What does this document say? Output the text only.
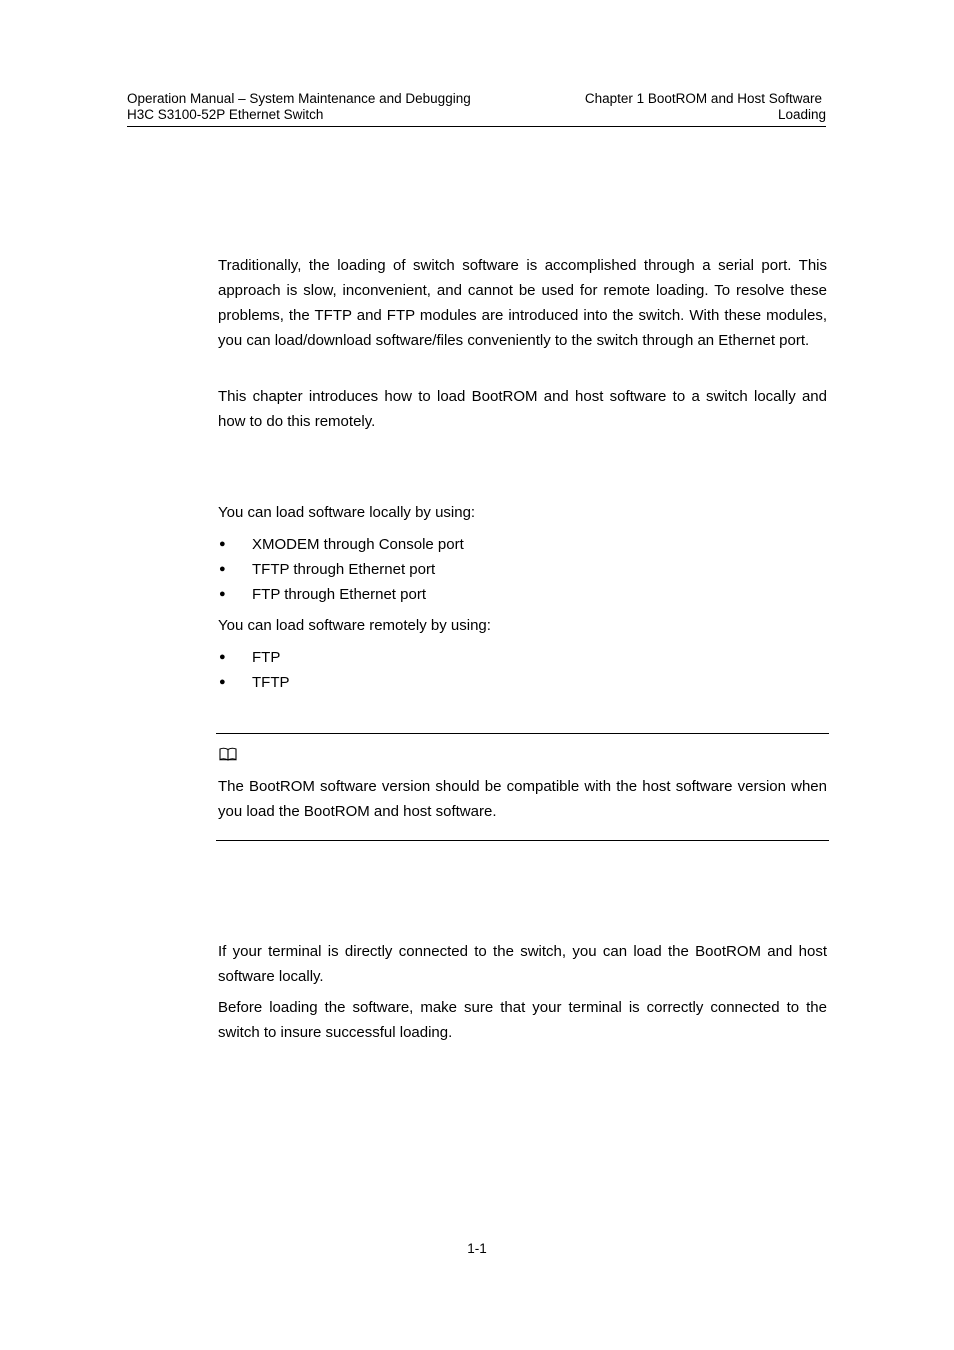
Operation Manual – System Maintenance and Debugging
H3C S3100-52P Ethernet Switch
Chapter 1 BootROM and Host Software
Loading

Traditionally, the loading of switch software is accomplished through a serial port. This approach is slow, inconvenient, and cannot be used for remote loading. To resolve these problems, the TFTP and FTP modules are introduced into the switch. With these modules, you can load/download software/files conveniently to the switch through an Ethernet port.

This chapter introduces how to load BootROM and host software to a switch locally and how to do this remotely.

You can load software locally by using:

● XMODEM through Console port
● TFTP through Ethernet port
● FTP through Ethernet port

You can load software remotely by using:

● FTP
● TFTP

The BootROM software version should be compatible with the host software version when you load the BootROM and host software.

If your terminal is directly connected to the switch, you can load the BootROM and host software locally.

Before loading the software, make sure that your terminal is correctly connected to the switch to insure successful loading.

1-1
